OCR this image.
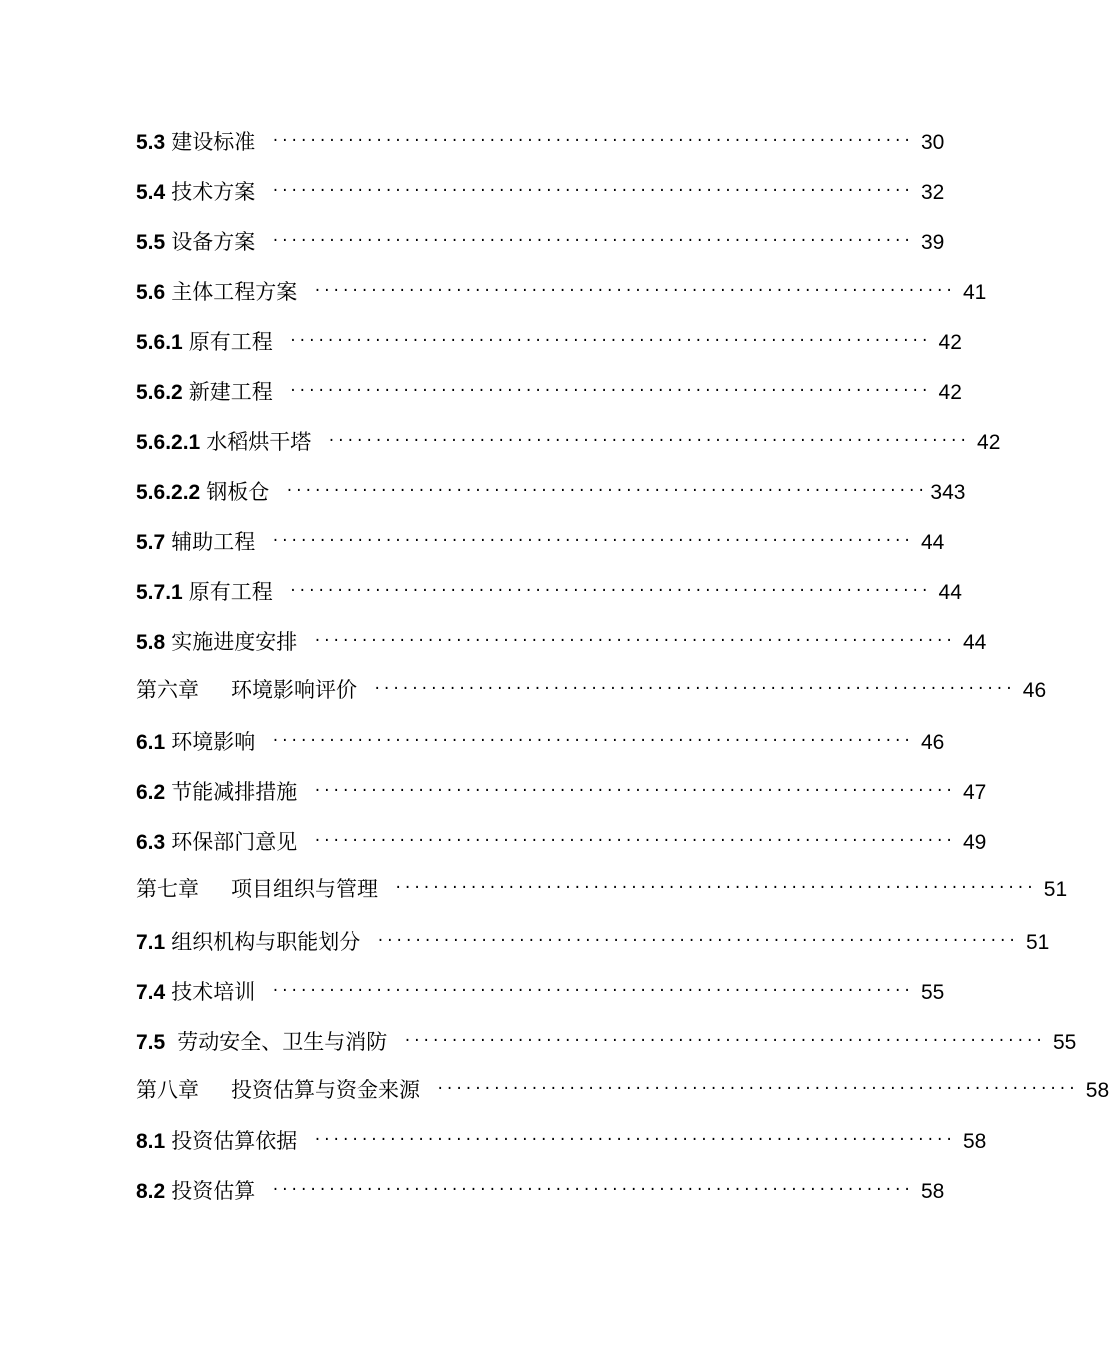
5.3 建设标准 ···································································· 30
5.4 技术方案 ···································································· 32
5.5 设备方案 ···································································· 39
5.6 主体工程方案 ···································································· 41
5.6.1 原有工程 ···································································· 42
5.6.2 新建工程 ···································································· 42
5.6.2.1 水稻烘干塔 ···································································· 42
5.6.2.2 钢板仓 ···································································· 343
5.7 辅助工程 ···································································· 44
5.7.1 原有工程 ···································································· 44
5.8 实施进度安排 ···································································· 44
第六章 环境影响评价 ···································································· 46
6.1 环境影响 ···································································· 46
6.2 节能减排措施 ···································································· 47
6.3 环保部门意见 ···································································· 49
第七章 项目组织与管理 ···································································· 51
7.1 组织机构与职能划分 ···································································· 51
7.4 技术培训 ···································································· 55
7.5 劳动安全、卫生与消防 ···································································· 55
第八章 投资估算与资金来源 ···································································· 58
8.1 投资估算依据 ···································································· 58
8.2 投资估算 ···································································· 58
